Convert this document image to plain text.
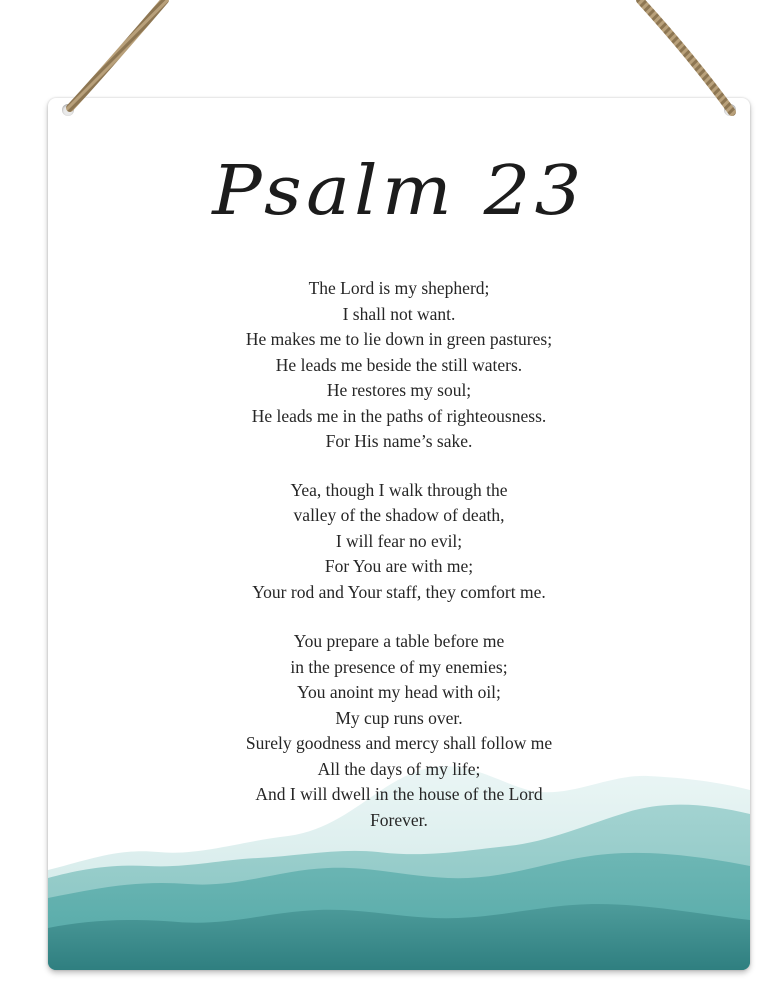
Psalm 23
The Lord is my shepherd;
I shall not want.
He makes me to lie down in green pastures;
He leads me beside the still waters.
He restores my soul;
He leads me in the paths of righteousness.
For His name’s sake.
Yea, though I walk through the
valley of the shadow of death,
I will fear no evil;
For You are with me;
Your rod and Your staff, they comfort me.
You prepare a table before me
in the presence of my enemies;
You anoint my head with oil;
My cup runs over.
Surely goodness and mercy shall follow me
All the days of my life;
And I will dwell in the house of the Lord
Forever.
